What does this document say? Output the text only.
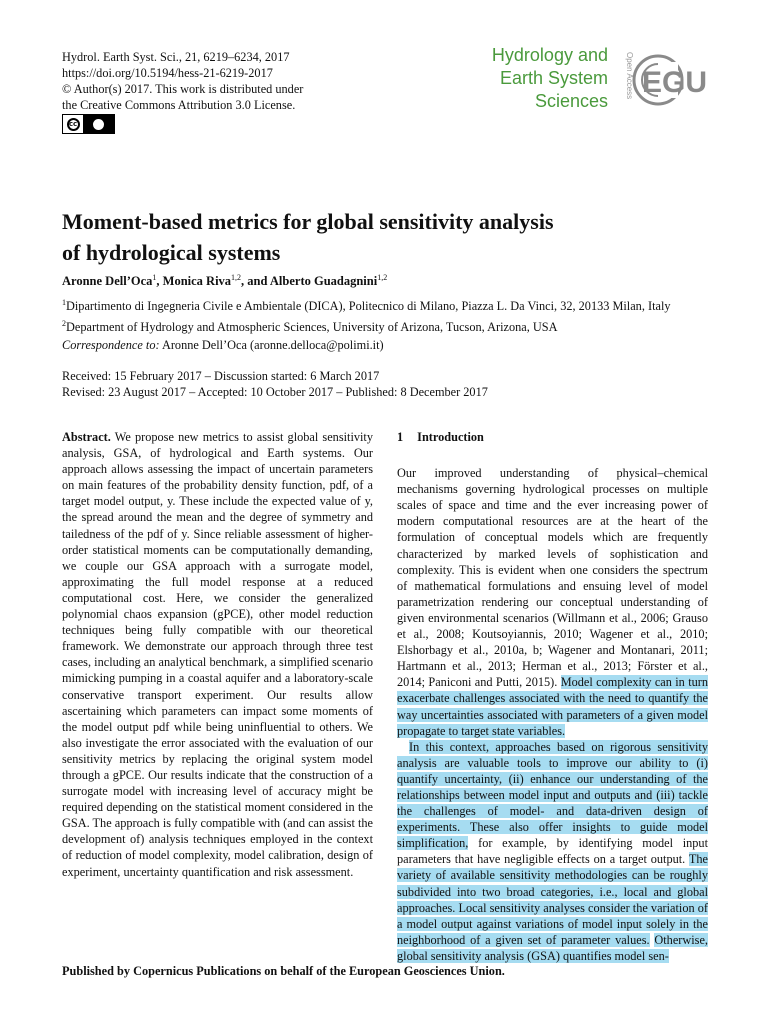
Hydrol. Earth Syst. Sci., 21, 6219–6234, 2017
https://doi.org/10.5194/hess-21-6219-2017
© Author(s) 2017. This work is distributed under
the Creative Commons Attribution 3.0 License.
cc
Hydrology and
Earth System
Sciences
Open Access EGU
Moment-based metrics for global sensitivity analysis
of hydrological systems
Aronne Dell’Oca$^1$, Monica Riva$^{1,2}$, and Alberto Guadagnini$^{1,2}$
$^1$Dipartimento di Ingegneria Civile e Ambientale (DICA), Politecnico di Milano, Piazza L. Da Vinci, 32, 20133 Milan, Italy
$^2$Department of Hydrology and Atmospheric Sciences, University of Arizona, Tucson, Arizona, USA
Correspondence to: Aronne Dell’Oca (aronne.delloca@polimi.it)
Received: 15 February 2017 – Discussion started: 6 March 2017
Revised: 23 August 2017 – Accepted: 10 October 2017 – Published: 8 December 2017

Abstract. We propose new metrics to assist global sensitivity analysis, GSA, of hydrological and Earth systems. Our approach allows assessing the impact of uncertain parameters on main features of the probability density function, pdf, of a target model output, y. These include the expected value of y, the spread around the mean and the degree of symmetry and tailedness of the pdf of y. Since reliable assessment of higher-order statistical moments can be computationally demanding, we couple our GSA approach with a surrogate model, approximating the full model response at a reduced computational cost. Here, we consider the generalized polynomial chaos expansion (gPCE), other model reduction techniques being fully compatible with our theoretical framework. We demonstrate our approach through three test cases, including an analytical benchmark, a simplified scenario mimicking pumping in a coastal aquifer and a laboratory-scale conservative transport experiment. Our results allow ascertaining which parameters can impact some moments of the model output pdf while being uninfluential to others. We also investigate the error associated with the evaluation of our sensitivity metrics by replacing the original system model through a gPCE. Our results indicate that the construction of a surrogate model with increasing level of accuracy might be required depending on the statistical moment considered in the GSA. The approach is fully compatible with (and can assist the development of) analysis techniques employed in the context of reduction of model complexity, model calibration, design of experiment, uncertainty quantification and risk assessment.

1 Introduction

Our improved understanding of physical–chemical mechanisms governing hydrological processes on multiple scales of space and time and the ever increasing power of modern computational resources are at the heart of the formulation of conceptual models which are frequently characterized by marked levels of sophistication and complexity. This is evident when one considers the spectrum of mathematical formulations and ensuing level of model parametrization rendering our conceptual understanding of given environmental scenarios (Willmann et al., 2006; Grauso et al., 2008; Koutsoyiannis, 2010; Wagener et al., 2010; Elshorbagy et al., 2010a, b; Wagener and Montanari, 2011; Hartmann et al., 2013; Herman et al., 2013; Förster et al., 2014; Paniconi and Putti, 2015). Model complexity can in turn exacerbate challenges associated with the need to quantify the way uncertainties associated with parameters of a given model propagate to target state variables.

In this context, approaches based on rigorous sensitivity analysis are valuable tools to improve our ability to (i) quantify uncertainty, (ii) enhance our understanding of the relationships between model input and outputs and (iii) tackle the challenges of model- and data-driven design of experiments. These also offer insights to guide model simplification, for example, by identifying model input parameters that have negligible effects on a target output. The variety of available sensitivity methodologies can be roughly subdivided into two broad categories, i.e., local and global approaches. Local sensitivity analyses consider the variation of a model output against variations of model input solely in the neighborhood of a given set of parameter values. Otherwise, global sensitivity analysis (GSA) quantifies model sen-

Published by Copernicus Publications on behalf of the European Geosciences Union.
